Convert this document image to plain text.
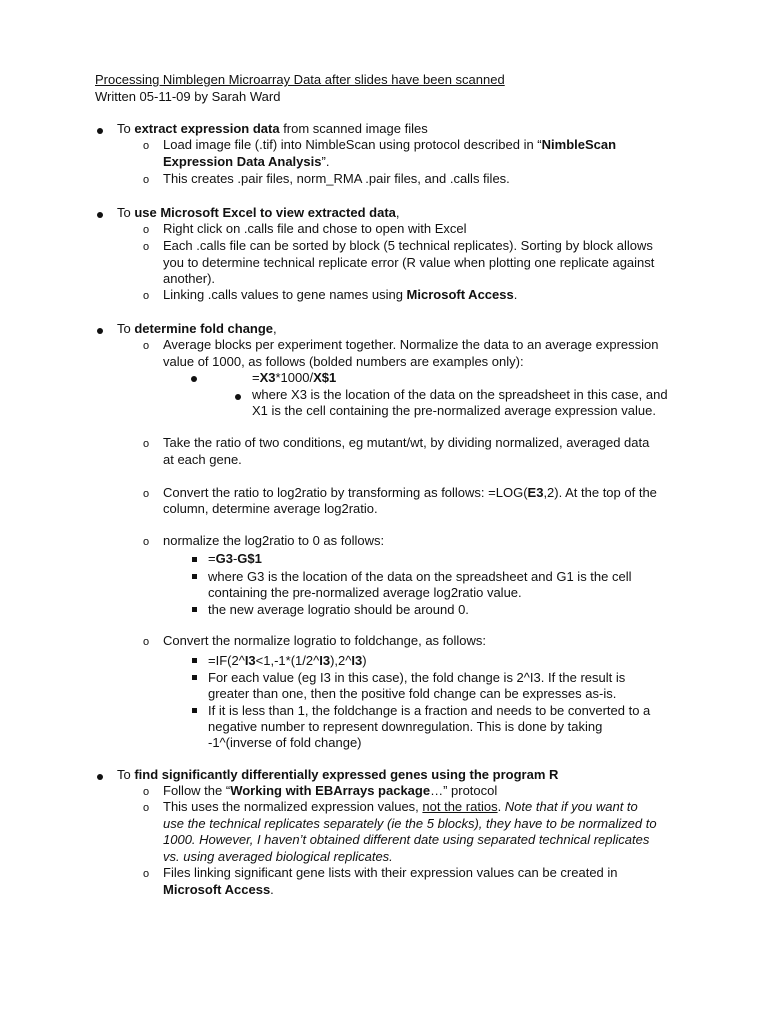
Processing Nimblegen Microarray Data after slides have been scanned
Written 05-11-09 by Sarah Ward
To extract expression data from scanned image files
o	Load image file (.tif) into NimbleScan using protocol described in “NimbleScan
Expression Data Analysis”.
o	This creates .pair files, norm_RMA .pair files, and .calls files.
To use Microsoft Excel to view extracted data,
o	Right click on .calls file and chose to open with Excel
o	Each .calls file can be sorted by block (5 technical replicates). Sorting by block allows
you to determine technical replicate error (R value when plotting one replicate against
another).
o	Linking .calls values to gene names using Microsoft Access.
To determine fold change,
o	Average blocks per experiment together. Normalize the data to an average expression
value of 1000, as follows (bolded numbers are examples only):
=X3*1000/X$1
where X3 is the location of the data on the spreadsheet in this case, and
X1 is the cell containing the pre-normalized average expression value.
o	Take the ratio of two conditions, eg mutant/wt, by dividing normalized, averaged data
at each gene.
o	Convert the ratio to log2ratio by transforming as follows: =LOG(E3,2). At the top of the
column, determine average log2ratio.
o	normalize the log2ratio to 0 as follows:
=G3-G$1
where G3 is the location of the data on the spreadsheet and G1 is the cell
containing the pre-normalized average log2ratio value.
the new average logratio should be around 0.
o	Convert the normalize logratio to foldchange, as follows:
=IF(2^I3<1,-1*(1/2^I3),2^I3)
For each value (eg I3 in this case), the fold change is 2^I3. If the result is
greater than one, then the positive fold change can be expresses as-is.
If it is less than 1, the foldchange is a fraction and needs to be converted to a
negative number to represent downregulation. This is done by taking
-1^(inverse of fold change)
To find significantly differentially expressed genes using the program R
o	Follow the “Working with EBArrays package…” protocol
o	This uses the normalized expression values, not the ratios. Note that if you want to
use the technical replicates separately (ie the 5 blocks), they have to be normalized to
1000. However, I haven’t obtained different date using separated technical replicates
vs. using averaged biological replicates.
o	Files linking significant gene lists with their expression values can be created in
Microsoft Access.
